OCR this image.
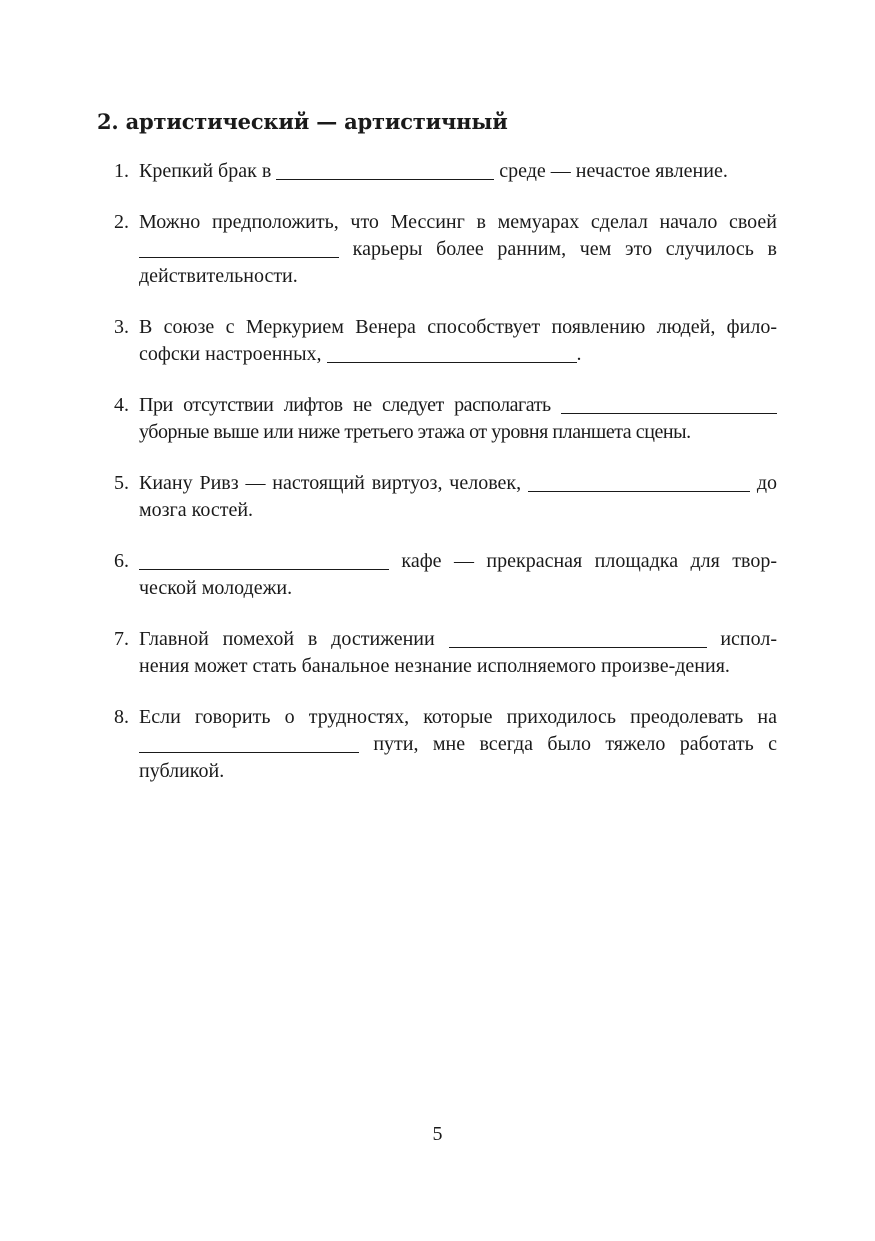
2. артистический — артистичный
1. Крепкий брак в	среде — нечастое явление.
2. Можно предположить, что Мессинг в мемуарах сделал начало своей  карьеры более ранним, чем это случилось в действительности.
3. В союзе с Меркурием Венера способствует появлению людей, фило-софски настроенных,	.
4. При отсутствии лифтов не следует располагать  уборные выше или ниже третьего этажа от уровня планшета сцены.
5. Киану Ривз — настоящий виртуоз, человек,	до мозга костей.
6.	кафе — прекрасная площадка для твор-ческой молодежи.
7. Главной помехой в достижении	испол-нения может стать банальное незнание исполняемого произве-дения.
8. Если говорить о трудностях, которые приходилось преодолевать на пути, мне всегда было тяжело работать с публикой.
5
